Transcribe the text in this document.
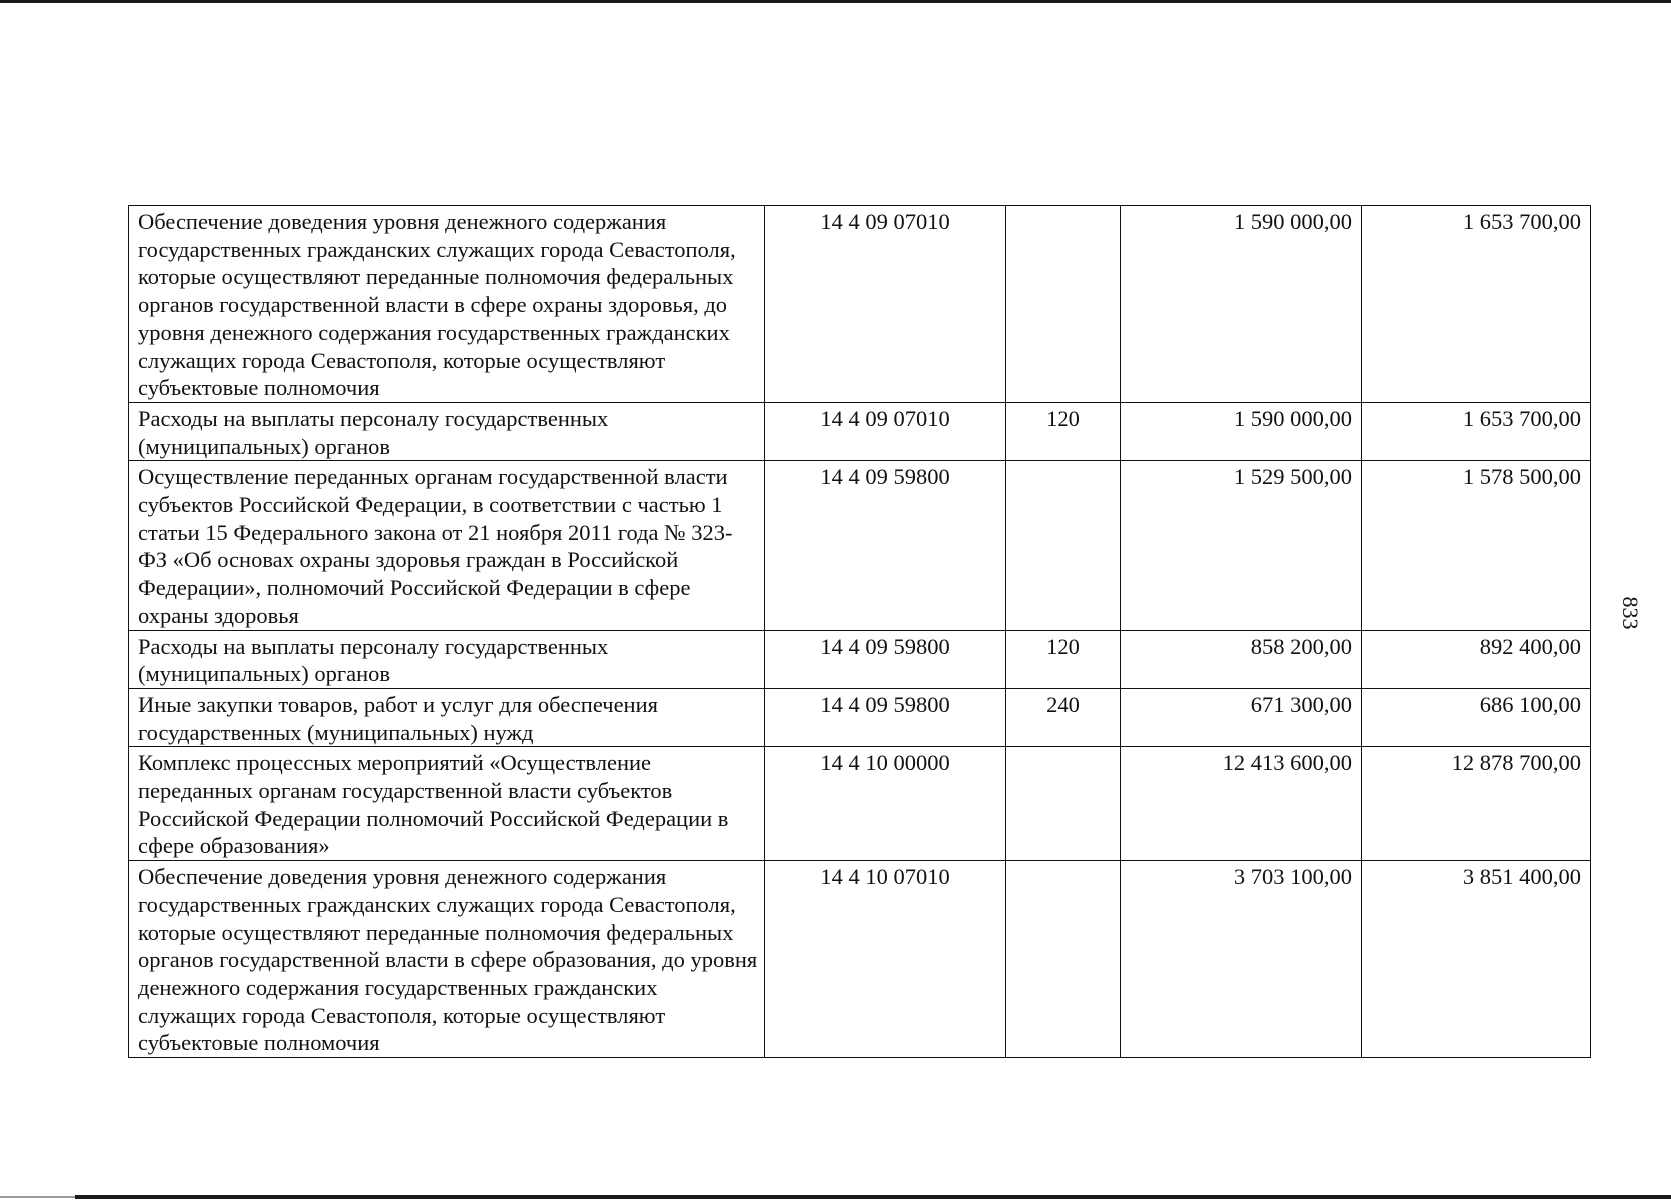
Обеспечение доведения уровня денежного содержания государственных гражданских служащих города Севастополя, которые осуществляют переданные полномочия федеральных органов государственной власти в сфере охраны здоровья, до уровня денежного содержания государственных гражданских служащих города Севастополя, которые осуществляют субъектовые полномочия	14 4 09 07010		1 590 000,00	1 653 700,00
Расходы на выплаты персоналу государственных (муниципальных) органов	14 4 09 07010	120	1 590 000,00	1 653 700,00
Осуществление переданных органам государственной власти субъектов Российской Федерации, в соответствии с частью 1 статьи 15 Федерального закона от 21 ноября 2011 года № 323-ФЗ «Об основах охраны здоровья граждан в Российской Федерации», полномочий Российской Федерации в сфере охраны здоровья	14 4 09 59800		1 529 500,00	1 578 500,00
Расходы на выплаты персоналу государственных (муниципальных) органов	14 4 09 59800	120	858 200,00	892 400,00
Иные закупки товаров, работ и услуг для обеспечения государственных (муниципальных) нужд	14 4 09 59800	240	671 300,00	686 100,00
Комплекс процессных мероприятий «Осуществление переданных органам государственной власти субъектов Российской Федерации полномочий Российской Федерации в сфере образования»	14 4 10 00000		12 413 600,00	12 878 700,00
Обеспечение доведения уровня денежного содержания государственных гражданских служащих города Севастополя, которые осуществляют переданные полномочия федеральных органов государственной власти в сфере образования, до уровня денежного содержания государственных гражданских служащих города Севастополя, которые осуществляют субъектовые полномочия	14 4 10 07010		3 703 100,00	3 851 400,00
833
